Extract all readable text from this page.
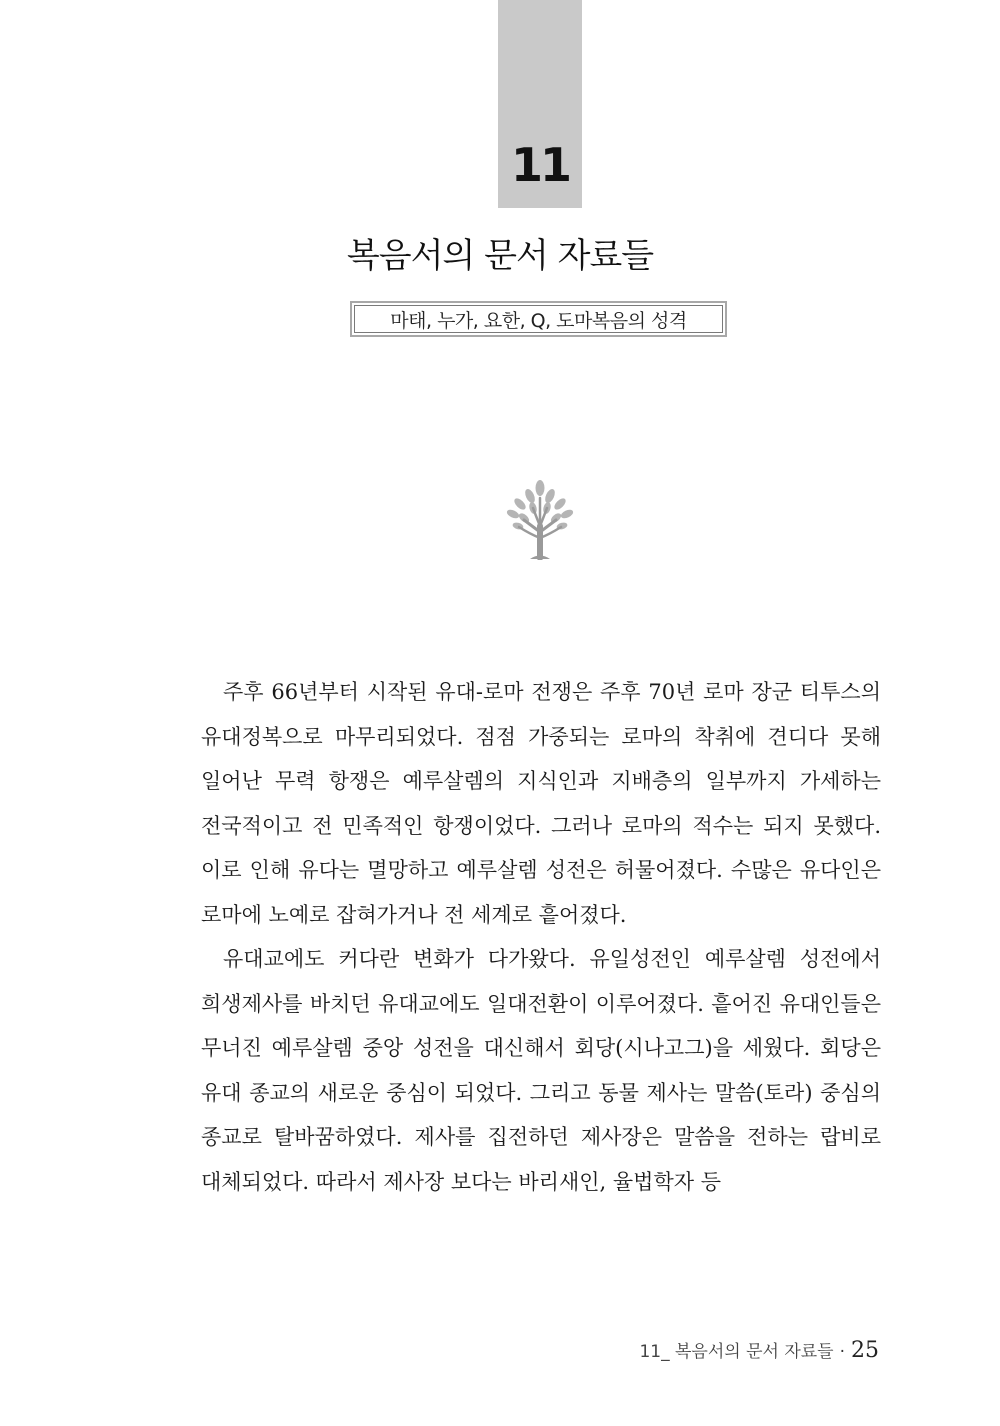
11
복음서의 문서 자료들
마태, 누가, 요한, Q, 도마복음의 성격

주후 66년부터 시작된 유대-로마 전쟁은 주후 70년 로마 장군 티투스의 유대정복으로 마무리되었다. 점점 가중되는 로마의 착취에 견디다 못해 일어난 무력 항쟁은 예루살렘의 지식인과 지배층의 일부까지 가세하는 전국적이고 전 민족적인 항쟁이었다. 그러나 로마의 적수는 되지 못했다. 이로 인해 유다는 멸망하고 예루살렘 성전은 허물어졌다. 수많은 유다인은 로마에 노예로 잡혀가거나 전 세계로 흩어졌다.

유대교에도 커다란 변화가 다가왔다. 유일성전인 예루살렘 성전에서 희생제사를 바치던 유대교에도 일대전환이 이루어졌다. 흩어진 유대인들은 무너진 예루살렘 중앙 성전을 대신해서 회당(시나고그)을 세웠다. 회당은 유대 종교의 새로운 중심이 되었다. 그리고 동물 제사는 말씀(토라) 중심의 종교로 탈바꿈하였다. 제사를 집전하던 제사장은 말씀을 전하는 랍비로 대체되었다. 따라서 제사장 보다는 바리새인, 율법학자 등

11_ 복음서의 문서 자료들 · 25
